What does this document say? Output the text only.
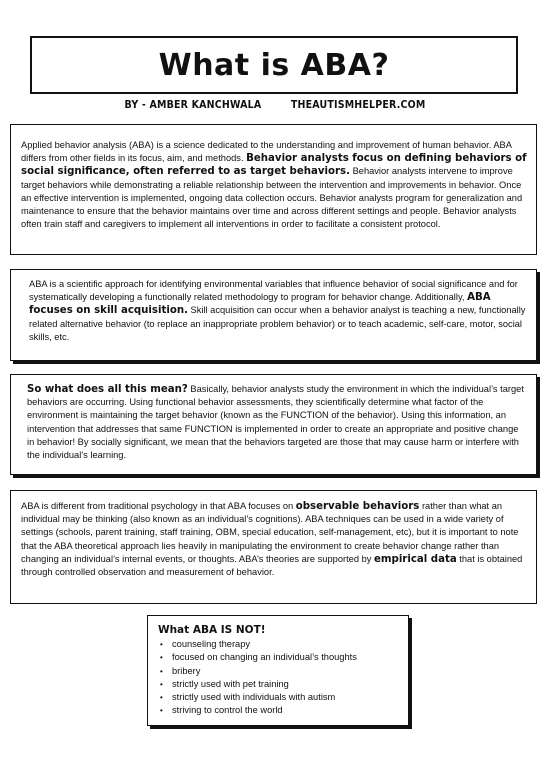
What is ABA?
BY - AMBER KANCHWALA	THEAUTISMHELPER.COM

Applied behavior analysis (ABA) is a science dedicated to the understanding and improvement of human behavior. ABA differs from other fields in its focus, aim, and methods. Behavior analysts focus on defining behaviors of social significance, often referred to as target behaviors. Behavior analysts intervene to improve target behaviors while demonstrating a reliable relationship between the intervention and improvements in behavior. Once an effective intervention is implemented, ongoing data collection occurs. Behavior analysts program for generalization and maintenance to ensure that the behavior maintains over time and across different settings and people. Behavior analysts often train staff and caregivers to implement all interventions in order to facilitate a consistent protocol.

ABA is a scientific approach for identifying environmental variables that influence behavior of social significance and for systematically developing a functionally related methodology to program for behavior change. Additionally, ABA focuses on skill acquisition. Skill acquisition can occur when a behavior analyst is teaching a new, functionally related alternative behavior (to replace an inappropriate problem behavior) or to teach academic, self-care, motor, social skills, etc.

So what does all this mean? Basically, behavior analysts study the environment in which the individual’s target behaviors are occurring. Using functional behavior assessments, they scientifically determine what factor of the environment is maintaining the target behavior (known as the FUNCTION of the behavior). Using this information, an intervention that addresses that same FUNCTION is implemented in order to create an appropriate and positive change in behavior! By socially significant, we mean that the behaviors targeted are those that may cause harm or interfere with the individual’s learning.

ABA is different from traditional psychology in that ABA focuses on observable behaviors rather than what an individual may be thinking (also known as an individual’s cognitions). ABA techniques can be used in a wide variety of settings (schools, parent training, staff training, OBM, special education, self-management, etc), but it is important to note that the ABA theoretical approach lies heavily in manipulating the environment to create behavior change rather than changing an individual’s internal events, or thoughts. ABA’s theories are supported by empirical data that is obtained through controlled observation and measurement of behavior.

What ABA IS NOT!
• counseling therapy
• focused on changing an individual’s thoughts
• bribery
• strictly used with pet training
• strictly used with individuals with autism
• striving to control the world
